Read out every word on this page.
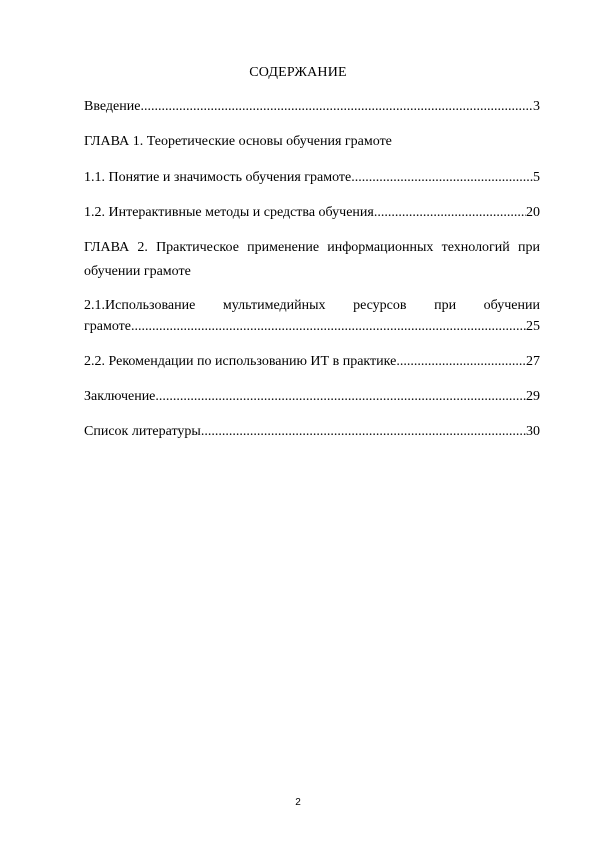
СОДЕРЖАНИЕ
Введение .....	3
ГЛАВА 1. Теоретические основы обучения грамоте
1.1. Понятие и значимость обучения грамоте .....	5
1.2. Интерактивные методы и средства обучения .....	20
ГЛАВА 2. Практическое применение информационных технологий при
обучении грамоте
2.1.Использование мультимедийных ресурсов при обучении
грамоте .....	25
2.2. Рекомендации по использованию ИТ в практике .....	27
Заключение .....	29
Список литературы .....	30
2
